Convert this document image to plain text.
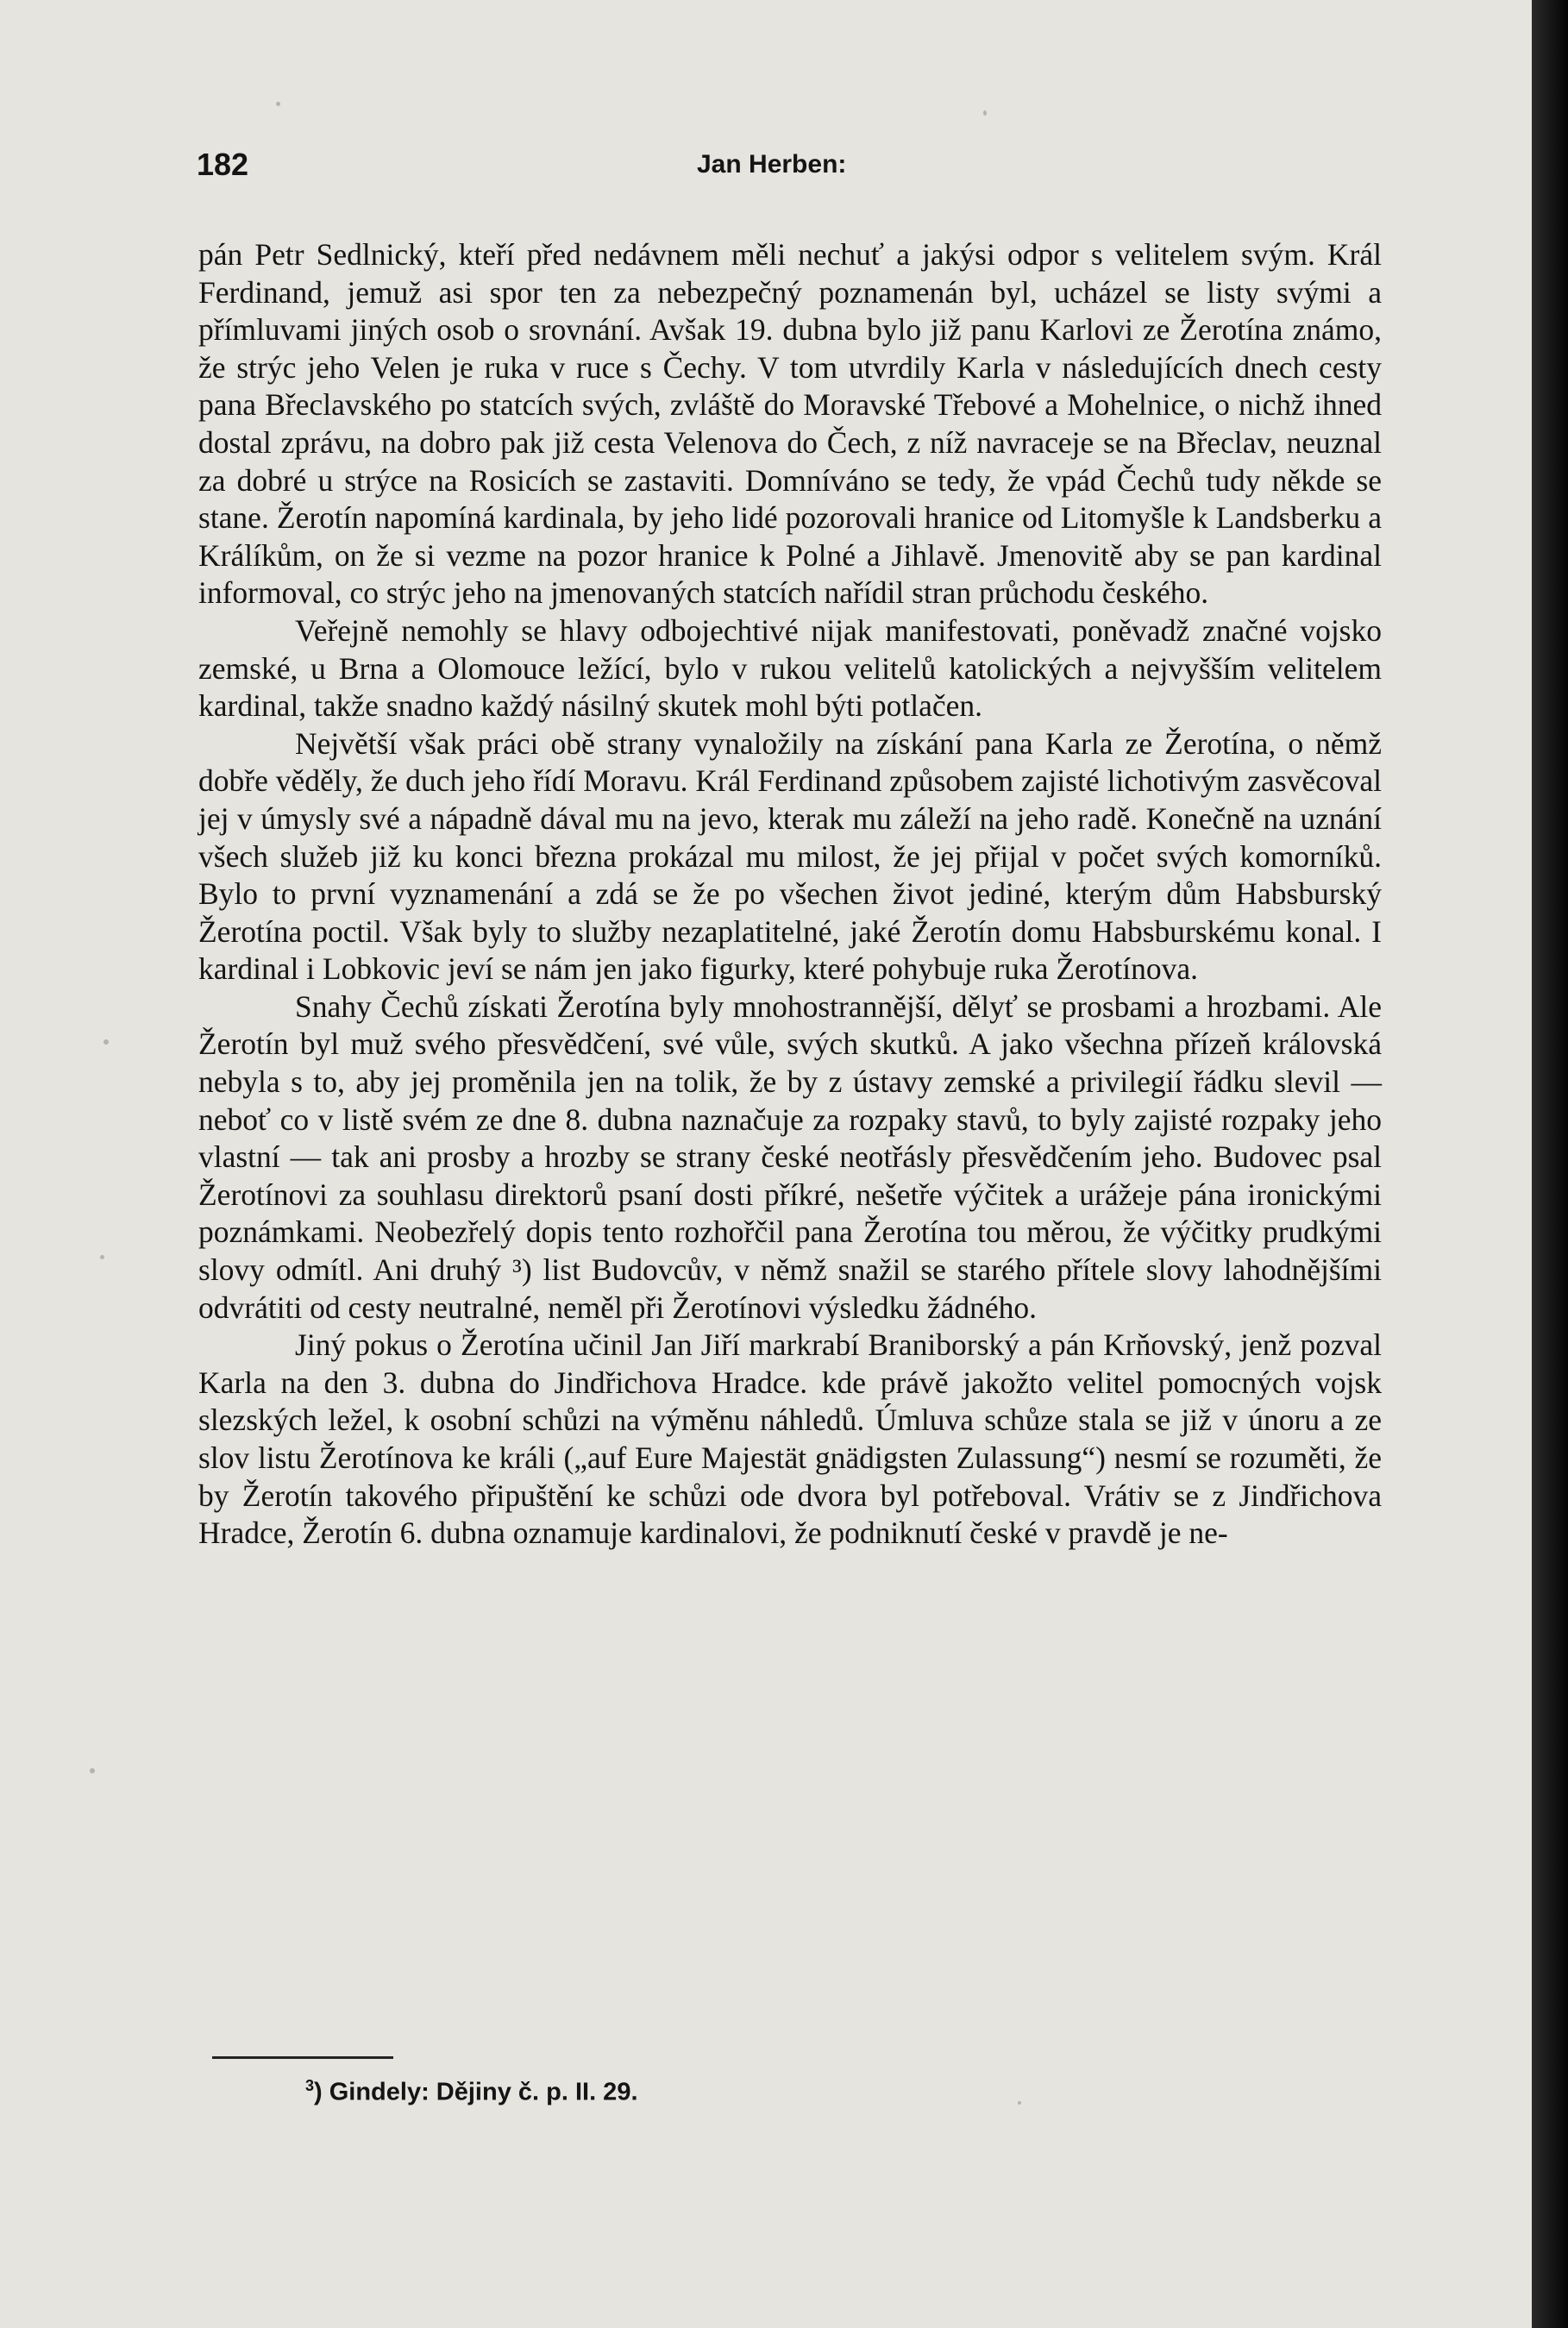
182	Jan Herben:

pán Petr Sedlnický, kteří před nedávnem měli nechuť a jakýsi odpor s velitelem svým. Král Ferdinand, jemuž asi spor ten za nebezpečný poznamenán byl, ucházel se listy svými a přímluvami jiných osob o srovnání. Avšak 19. dubna bylo již panu Karlovi ze Žerotína známo, že strýc jeho Velen je ruka v ruce s Čechy. V tom utvrdily Karla v následujících dnech cesty pana Břeclavského po statcích svých, zvláště do Moravské Třebové a Mohelnice, o nichž ihned dostal zprávu, na dobro pak již cesta Velenova do Čech, z níž navraceje se na Břeclav, neuznal za dobré u strýce na Rosicích se zastaviti. Domníváno se tedy, že vpád Čechů tudy někde se stane. Žerotín napomíná kardinala, by jeho lidé pozorovali hranice od Litomyšle k Landsberku a Králíkům, on že si vezme na pozor hranice k Polné a Jihlavě. Jmenovitě aby se pan kardinal informoval, co strýc jeho na jmenovaných statcích nařídil stran průchodu českého.

Veřejně nemohly se hlavy odbojechtivé nijak manifestovati, poněvadž značné vojsko zemské, u Brna a Olomouce ležící, bylo v rukou velitelů katolických a nejvyšším velitelem kardinal, takže snadno každý násilný skutek mohl býti potlačen.

Největší však práci obě strany vynaložily na získání pana Karla ze Žerotína, o němž dobře věděly, že duch jeho řídí Moravu. Král Ferdinand způsobem zajisté lichotivým zasvěcoval jej v úmysly své a nápadně dával mu na jevo, kterak mu záleží na jeho radě. Konečně na uznání všech služeb již ku konci března prokázal mu milost, že jej přijal v počet svých komorníků. Bylo to první vyznamenání a zdá se že po všechen život jediné, kterým dům Habsburský Žerotína poctil. Však byly to služby nezaplatitelné, jaké Žerotín domu Habsburskému konal. I kardinal i Lobkovic jeví se nám jen jako figurky, které pohybuje ruka Žerotínova.

Snahy Čechů získati Žerotína byly mnohostrannější, dělyť se prosbami a hrozbami. Ale Žerotín byl muž svého přesvědčení, své vůle, svých skutků. A jako všechna přízeň královská nebyla s to, aby jej proměnila jen na tolik, že by z ústavy zemské a privilegií řádku slevil — neboť co v listě svém ze dne 8. dubna naznačuje za rozpaky stavů, to byly zajisté rozpaky jeho vlastní — tak ani prosby a hrozby se strany české neotřásly přesvědčením jeho. Budovec psal Žerotínovi za souhlasu direktorů psaní dosti příkré, nešetře výčitek a urážeje pána ironickými poznámkami. Neobezřelý dopis tento rozhořčil pana Žerotína tou měrou, že výčitky prudkými slovy odmítl. Ani druhý ³) list Budovcův, v němž snažil se starého přítele slovy lahodnějšími odvrátiti od cesty neutralné, neměl při Žerotínovi výsledku žádného.

Jiný pokus o Žerotína učinil Jan Jiří markrabí Braniborský a pán Krňovský, jenž pozval Karla na den 3. dubna do Jindřichova Hradce. kde právě jakožto velitel pomocných vojsk slezských ležel, k osobní schůzi na výměnu náhledů. Úmluva schůze stala se již v únoru a ze slov listu Žerotínova ke králi („auf Eure Majestät gnädigsten Zulassung“) nesmí se rozuměti, že by Žerotín takového připuštění ke schůzi ode dvora byl potřeboval. Vrátiv se z Jindřichova Hradce, Žerotín 6. dubna oznamuje kardinalovi, že podniknutí české v pravdě je ne-

$^3$) Gindely: Dějiny č. p. II. 29.
